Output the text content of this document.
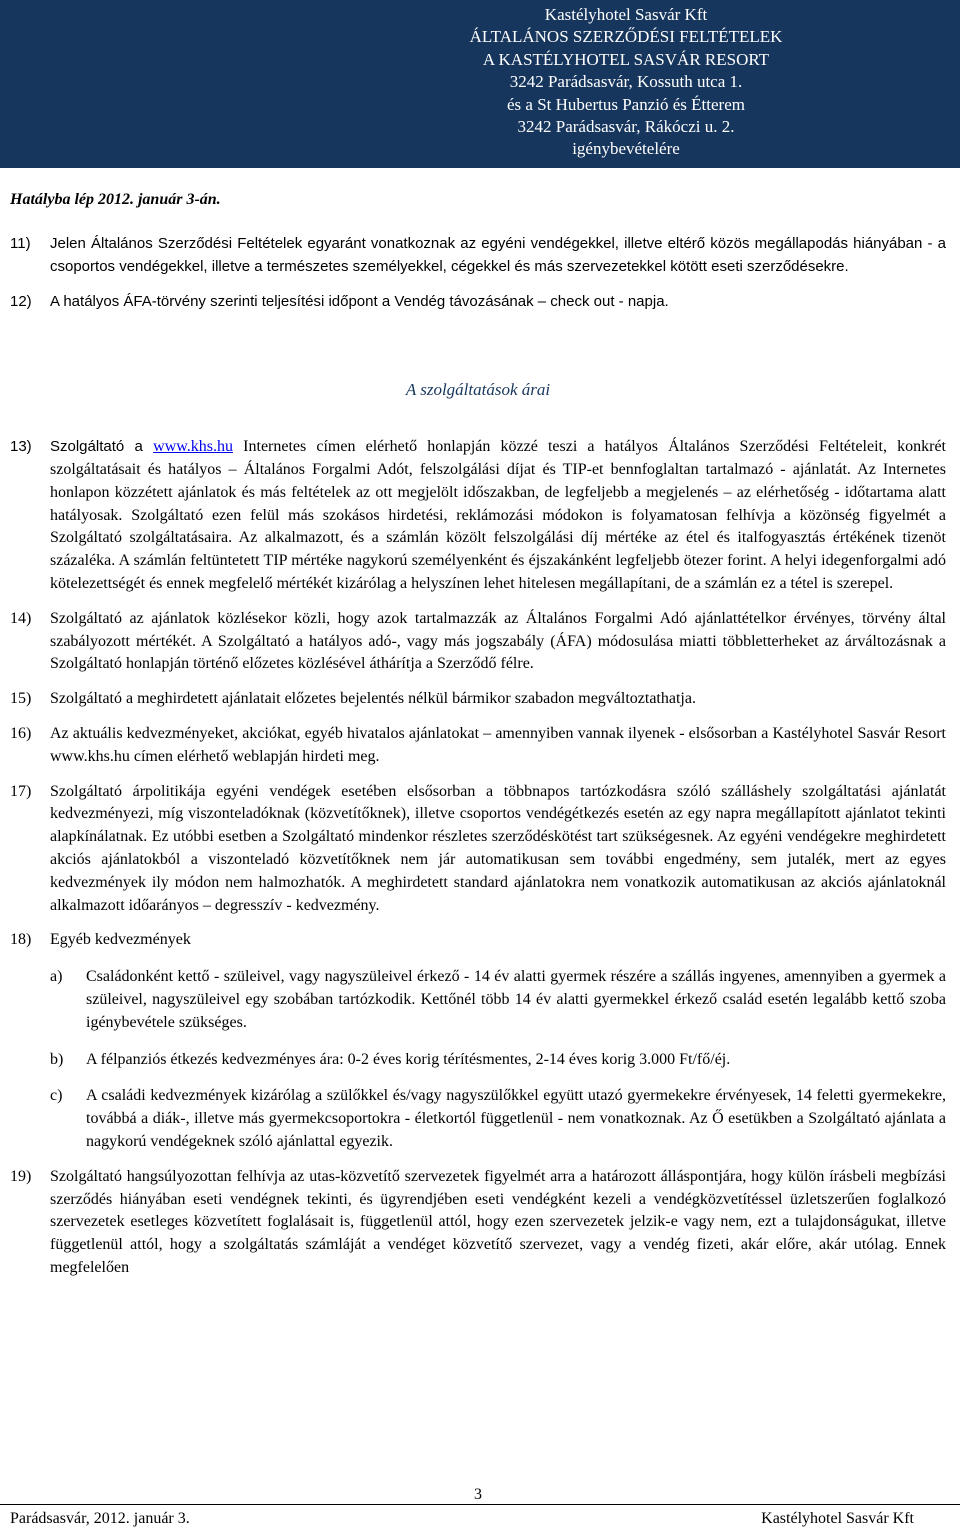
Kastélyhotel Sasvár Kft
ÁLTALÁNOS SZERZŐDÉSI FELTÉTELEK
A KASTÉLYHOTEL SASVÁR RESORT
3242 Parádsasvár, Kossuth utca 1.
és a St Hubertus Panzió és Étterem
3242 Parádsasvár, Rákóczi u. 2.
igénybevételére
Hatályba lép 2012. január 3-án.
11) Jelen Általános Szerződési Feltételek egyaránt vonatkoznak az egyéni vendégekkel, illetve eltérő közös megállapodás hiányában - a csoportos vendégekkel, illetve a természetes személyekkel, cégekkel és más szervezetekkel kötött eseti szerződésekre.
12) A hatályos ÁFA-törvény szerinti teljesítési időpont a Vendég távozásának – check out - napja.
A szolgáltatások árai
13) Szolgáltató a www.khs.hu Internetes címen elérhető honlapján közzé teszi a hatályos Általános Szerződési Feltételeit, konkrét szolgáltatásait és hatályos – Általános Forgalmi Adót, felszolgálási díjat és TIP-et bennfoglaltan tartalmazó - ajánlatát. Az Internetes honlapon közzétett ajánlatok és más feltételek az ott megjelölt időszakban, de legfeljebb a megjelenés – az elérhetőség - időtartama alatt hatályosak. Szolgáltató ezen felül más szokásos hirdetési, reklámozási módokon is folyamatosan felhívja a közönség figyelmét a Szolgáltató szolgáltatásaira. Az alkalmazott, és a számlán közölt felszolgálási díj mértéke az étel és italfogyasztás értékének tizenöt százaléka. A számlán feltüntetett TIP mértéke nagykorú személyenként és éjszakánként legfeljebb ötezer forint. A helyi idegenforgalmi adó kötelezettségét és ennek megfelelő mértékét kizárólag a helyszínen lehet hitelesen megállapítani, de a számlán ez a tétel is szerepel.
14) Szolgáltató az ajánlatok közlésekor közli, hogy azok tartalmazzák az Általános Forgalmi Adó ajánlattételkor érvényes, törvény által szabályozott mértékét. A Szolgáltató a hatályos adó-, vagy más jogszabály (ÁFA) módosulása miatti többletterheket az árváltozásnak a Szolgáltató honlapján történő előzetes közlésével áthárítja a Szerződő félre.
15) Szolgáltató a meghirdetett ajánlatait előzetes bejelentés nélkül bármikor szabadon megváltoztathatja.
16) Az aktuális kedvezményeket, akciókat, egyéb hivatalos ajánlatokat – amennyiben vannak ilyenek - elsősorban a Kastélyhotel Sasvár Resort www.khs.hu címen elérhető weblapján hirdeti meg.
17) Szolgáltató árpolitikája egyéni vendégek esetében elsősorban a többnapos tartózkodásra szóló szálláshely szolgáltatási ajánlatát kedvezményezi, míg viszonteladóknak (közvetítőknek), illetve csoportos vendégétkezés esetén az egy napra megállapított ajánlatot tekinti alapkínálatnak. Ez utóbbi esetben a Szolgáltató mindenkor részletes szerződéskötést tart szükségesnek. Az egyéni vendégekre meghirdetett akciós ajánlatokból a viszonteladó közvetítőknek nem jár automatikusan sem további engedmény, sem jutalék, mert az egyes kedvezmények ily módon nem halmozhatók. A meghirdetett standard ajánlatokra nem vonatkozik automatikusan az akciós ajánlatoknál alkalmazott időarányos – degresszív - kedvezmény.
18) Egyéb kedvezmények
a) Családonként kettő - szüleivel, vagy nagyszüleivel érkező - 14 év alatti gyermek részére a szállás ingyenes, amennyiben a gyermek a szüleivel, nagyszüleivel egy szobában tartózkodik. Kettőnél több 14 év alatti gyermekkel érkező család esetén legalább kettő szoba igénybevétele szükséges.
b) A félpanziós étkezés kedvezményes ára: 0-2 éves korig térítésmentes, 2-14 éves korig 3.000 Ft/fő/éj.
c) A családi kedvezmények kizárólag a szülőkkel és/vagy nagyszülőkkel együtt utazó gyermekekre érvényesek, 14 feletti gyermekekre, továbbá a diák-, illetve más gyermekcsoportokra - életkortól függetlenül - nem vonatkoznak. Az Ő esetükben a Szolgáltató ajánlata a nagykorú vendégeknek szóló ajánlattal egyezik.
19) Szolgáltató hangsúlyozottan felhívja az utas-közvetítő szervezetek figyelmét arra a határozott álláspontjára, hogy külön írásbeli megbízási szerződés hiányában eseti vendégnek tekinti, és ügyrendjében eseti vendégként kezeli a vendégközvetítéssel üzletszerűen foglalkozó szervezetek esetleges közvetített foglalásait is, függetlenül attól, hogy ezen szervezetek jelzik-e vagy nem, ezt a tulajdonságukat, illetve függetlenül attól, hogy a szolgáltatás számláját a vendéget közvetítő szervezet, vagy a vendég fizeti, akár előre, akár utólag. Ennek megfelelően
3
Parádsasvár, 2012. január 3.	Kastélyhotel Sasvár Kft
